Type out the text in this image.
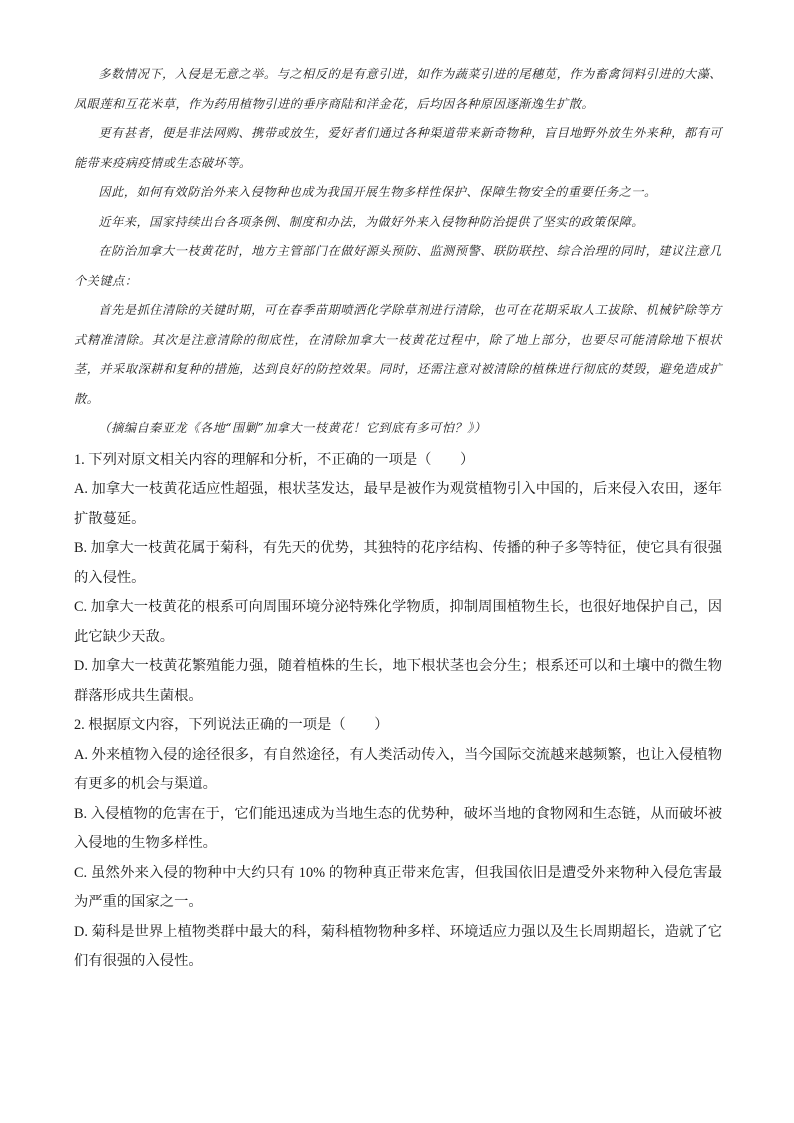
多数情况下，入侵是无意之举。与之相反的是有意引进，如作为蔬菜引进的尾穗苋，作为畜禽饲料引进的大藻、凤眼莲和互花米草，作为药用植物引进的垂序商陆和洋金花，后均因各种原因逐渐逸生扩散。

更有甚者，便是非法网购、携带或放生，爱好者们通过各种渠道带来新奇物种，盲目地野外放生外来种，都有可能带来疫病疫情或生态破坏等。

因此，如何有效防治外来入侵物种也成为我国开展生物多样性保护、保障生物安全的重要任务之一。

近年来，国家持续出台各项条例、制度和办法，为做好外来入侵物种防治提供了坚实的政策保障。

在防治加拿大一枝黄花时，地方主管部门在做好源头预防、监测预警、联防联控、综合治理的同时，建议注意几个关键点：

首先是抓住清除的关键时期，可在春季苗期喷洒化学除草剂进行清除，也可在花期采取人工拔除、机械铲除等方式精准清除。其次是注意清除的彻底性，在清除加拿大一枝黄花过程中，除了地上部分，也要尽可能清除地下根状茎，并采取深耕和复种的措施，达到良好的防控效果。同时，还需注意对被清除的植株进行彻底的焚毁，避免造成扩散。

（摘编自秦亚龙《各地“围剿”加拿大一枝黄花！它到底有多可怕？》）

1. 下列对原文相关内容的理解和分析，不正确的一项是（　　）

A. 加拿大一枝黄花适应性超强，根状茎发达，最早是被作为观赏植物引入中国的，后来侵入农田，逐年扩散蔓延。

B. 加拿大一枝黄花属于菊科，有先天的优势，其独特的花序结构、传播的种子多等特征，使它具有很强的入侵性。

C. 加拿大一枝黄花的根系可向周围环境分泌特殊化学物质，抑制周围植物生长，也很好地保护自己，因此它缺少天敌。

D. 加拿大一枝黄花繁殖能力强，随着植株的生长，地下根状茎也会分生；根系还可以和土壤中的微生物群落形成共生菌根。

2. 根据原文内容，下列说法正确的一项是（　　）

A. 外来植物入侵的途径很多，有自然途径，有人类活动传入，当今国际交流越来越频繁，也让入侵植物有更多的机会与渠道。

B. 入侵植物的危害在于，它们能迅速成为当地生态的优势种，破坏当地的食物网和生态链，从而破坏被入侵地的生物多样性。

C. 虽然外来入侵的物种中大约只有 10% 的物种真正带来危害，但我国依旧是遭受外来物种入侵危害最为严重的国家之一。

D. 菊科是世界上植物类群中最大的科，菊科植物物种多样、环境适应力强以及生长周期超长，造就了它们有很强的入侵性。
